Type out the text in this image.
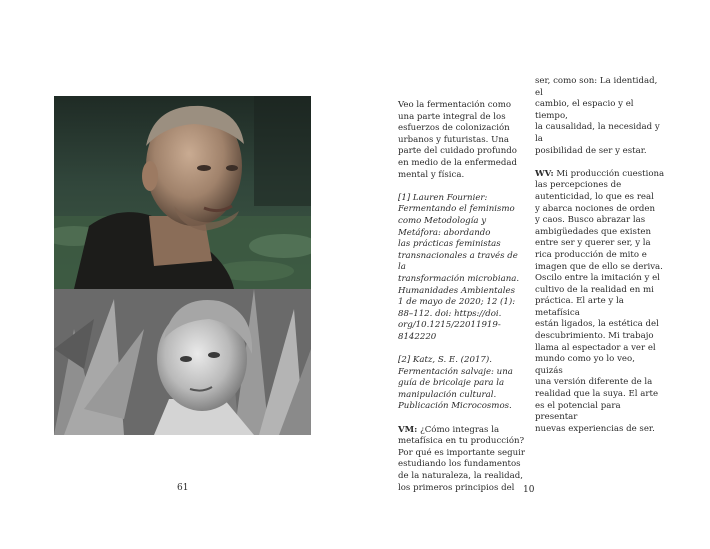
61

Veo la fermentación como
una parte integral de los
esfuerzos de colonización
urbanos y futuristas. Una
parte del cuidado profundo
en medio de la enfermedad
mental y física.

[1] Lauren Fournier:
Fermentando el feminismo
como Metodología y
Metáfora: abordando
las prácticas feministas
transnacionales a través de la
transformación microbiana.
Humanidades Ambientales
1 de mayo de 2020; 12 (1):
88–112. doi: https://doi.
org/10.1215/22011919-8142220

[2] Katz, S. E. (2017).
Fermentación salvaje: una
guía de bricolaje para la
manipulación cultural.
Publicación Microcosmos.

VM: ¿Cómo integras la
metafísica en tu producción?
Por qué es importante seguir
estudiando los fundamentos
de la naturaleza, la realidad,
los primeros principios del

ser, como son: La identidad, el
cambio, el espacio y el tiempo,
la causalidad, la necesidad y la
posibilidad de ser y estar.

WV: Mi producción cuestiona
las percepciones de
autenticidad, lo que es real
y abarca nociones de orden
y caos. Busco abrazar las
ambigüedades que existen
entre ser y querer ser, y la
rica producción de mito e
imagen que de ello se deriva.
Oscilo entre la imitación y el
cultivo de la realidad en mi
práctica. El arte y la metafísica
están ligados, la estética del
descubrimiento. Mi trabajo
llama al espectador a ver el
mundo como yo lo veo, quizás
una versión diferente de la
realidad que la suya. El arte
es el potencial para presentar
nuevas experiencias de ser.

10
